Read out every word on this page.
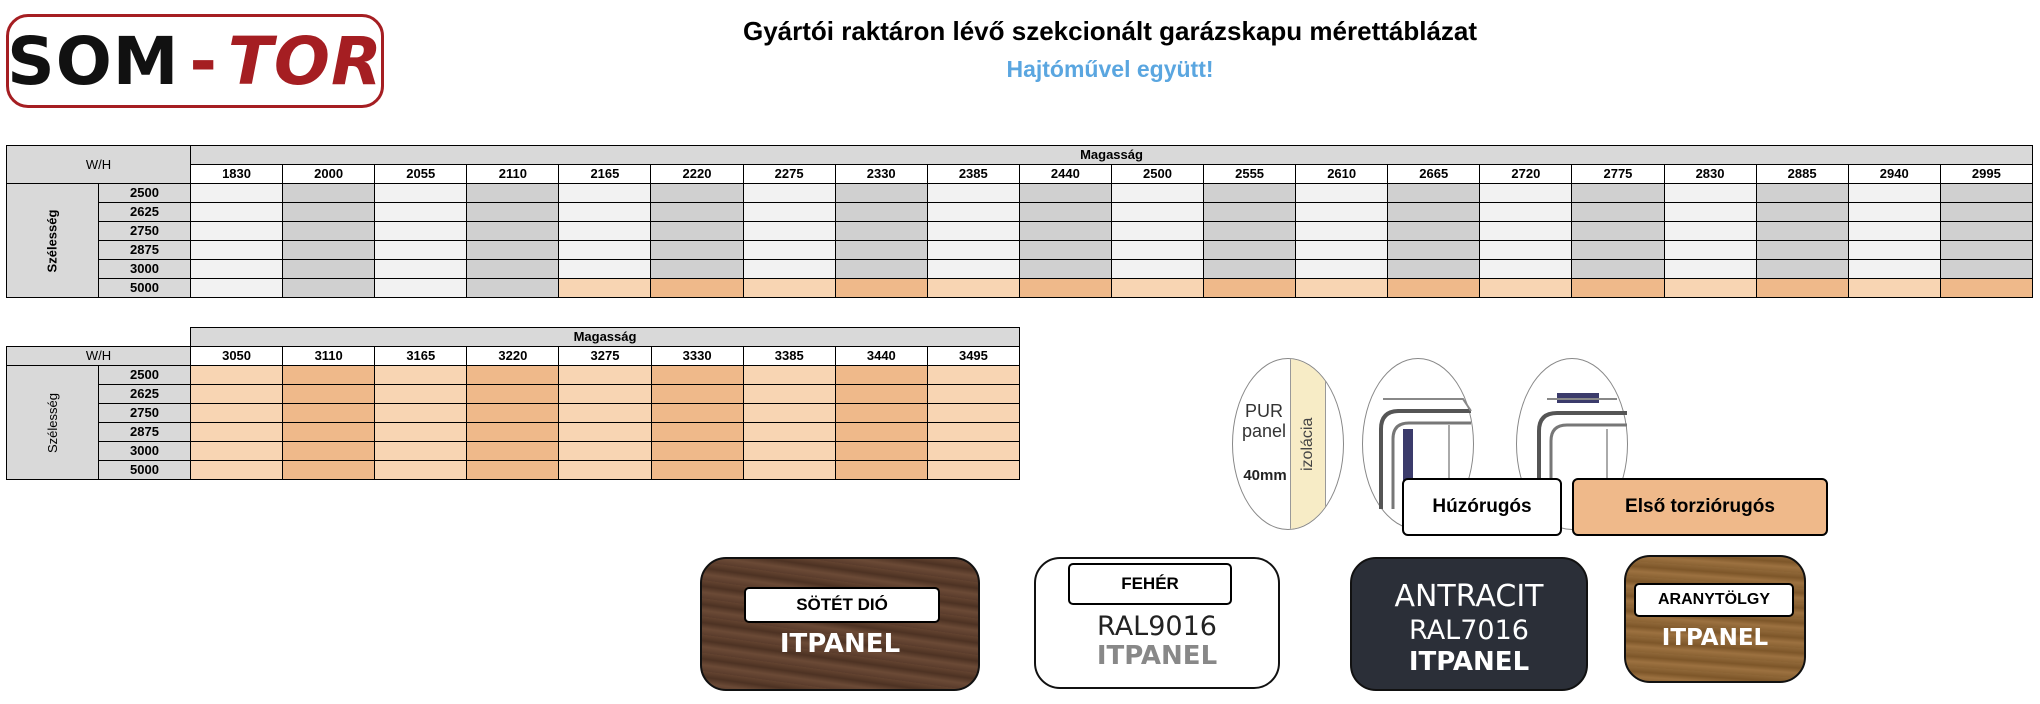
SOM - TOR	Gyártói raktáron lévő szekcionált garázskapu mérettáblázat
Hajtóművel együtt!
W/H		Magasság																			
		1830	2000	2055	2110	2165	2220	2275	2330	2385	2440	2500	2555	2610	2665	2720	2775	2830	2885	2940	2995
Szélesség	2500																				
	2625																				
	2750																				
	2875																				
	3000																				
	5000																				
		Magasság								
W/H		3050	3110	3165	3220	3275	3330	3385	3440	3495
Szélesség	2500									
	2625									
	2750									
	2875									
	3000									
	5000										izolácia
PUR
panel
40mm
Húzórugós	Első torziórugós
SÖTÉT DIÓ
ITPANEL
FEHÉR
RAL9016
ITPANEL
ANTRACIT
RAL7016
ITPANEL
ARANYTÖLGY
ITPANEL
